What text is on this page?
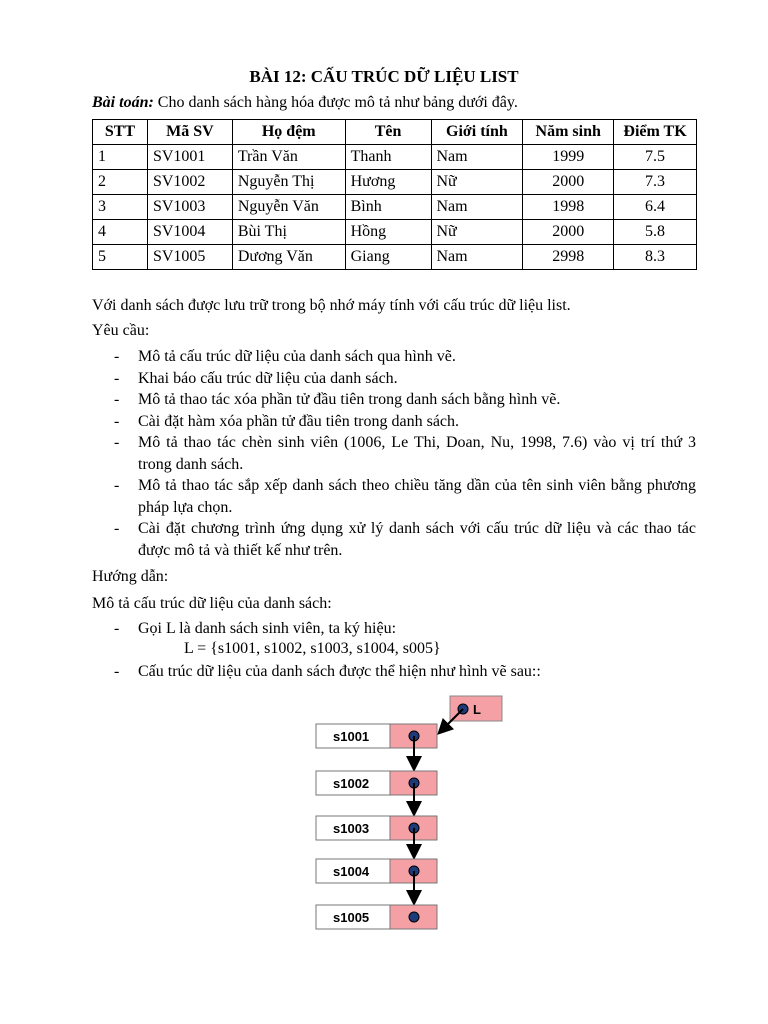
BÀI 12: CẤU TRÚC DỮ LIỆU LIST
Bài toán: Cho danh sách hàng hóa được mô tả như bảng dưới đây.
STT	Mã SV	Họ đệm	Tên	Giới tính	Năm sinh	Điểm TK
1	SV1001	Trần Văn	Thanh	Nam	1999	7.5
2	SV1002	Nguyễn Thị	Hương	Nữ	2000	7.3
3	SV1003	Nguyễn Văn	Bình	Nam	1998	6.4
4	SV1004	Bùi Thị	Hồng	Nữ	2000	5.8
5	SV1005	Dương Văn	Giang	Nam	2998	8.3
Với danh sách được lưu trữ trong bộ nhớ máy tính với cấu trúc dữ liệu list.
Yêu cầu:
- Mô tả cấu trúc dữ liệu của danh sách qua hình vẽ.
- Khai báo cấu trúc dữ liệu của danh sách.
- Mô tả thao tác xóa phần tử đầu tiên trong danh sách bằng hình vẽ.
- Cài đặt hàm xóa phần tử đầu tiên trong danh sách.
- Mô tả thao tác chèn sinh viên (1006, Le Thi, Doan, Nu, 1998, 7.6) vào vị trí thứ 3 trong danh sách.
- Mô tả thao tác sắp xếp danh sách theo chiều tăng dần của tên sinh viên bằng phương pháp lựa chọn.
- Cài đặt chương trình ứng dụng xử lý danh sách với cấu trúc dữ liệu và các thao tác được mô tả và thiết kế như trên.
Hướng dẫn:
Mô tả cấu trúc dữ liệu của danh sách:
- Gọi L là danh sách sinh viên, ta ký hiệu:
L = {s1001, s1002, s1003, s1004, s005}
- Cấu trúc dữ liệu của danh sách được thể hiện như hình vẽ sau::
L
s1001
s1002
s1003
s1004
s1005
